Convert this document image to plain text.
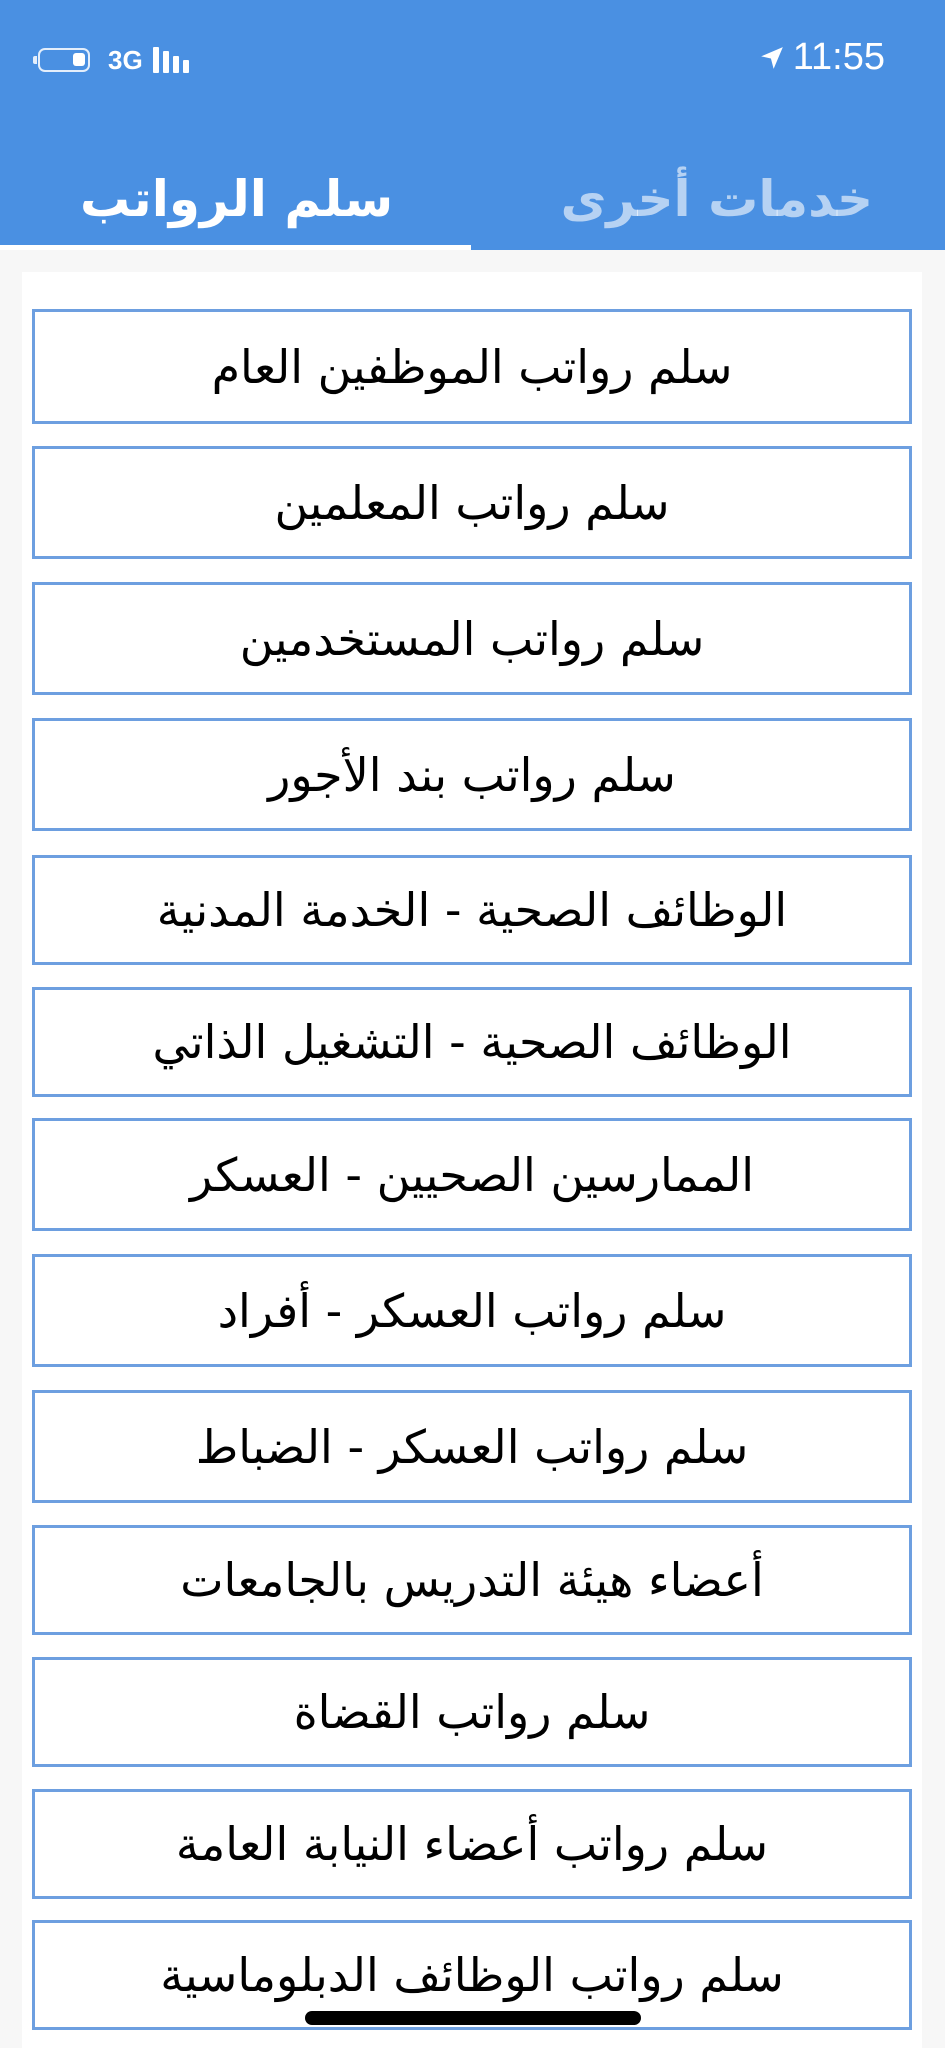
3G	11:55
سلم الرواتب	خدمات أخرى
سلم رواتب الموظفين العام
سلم رواتب المعلمين
سلم رواتب المستخدمين
سلم رواتب بند الأجور
الوظائف الصحية - الخدمة المدنية
الوظائف الصحية - التشغيل الذاتي
الممارسين الصحيين - العسكر
سلم رواتب العسكر - أفراد
سلم رواتب العسكر - الضباط
أعضاء هيئة التدريس بالجامعات
سلم رواتب القضاة
سلم رواتب أعضاء النيابة العامة
سلم رواتب الوظائف الدبلوماسية
